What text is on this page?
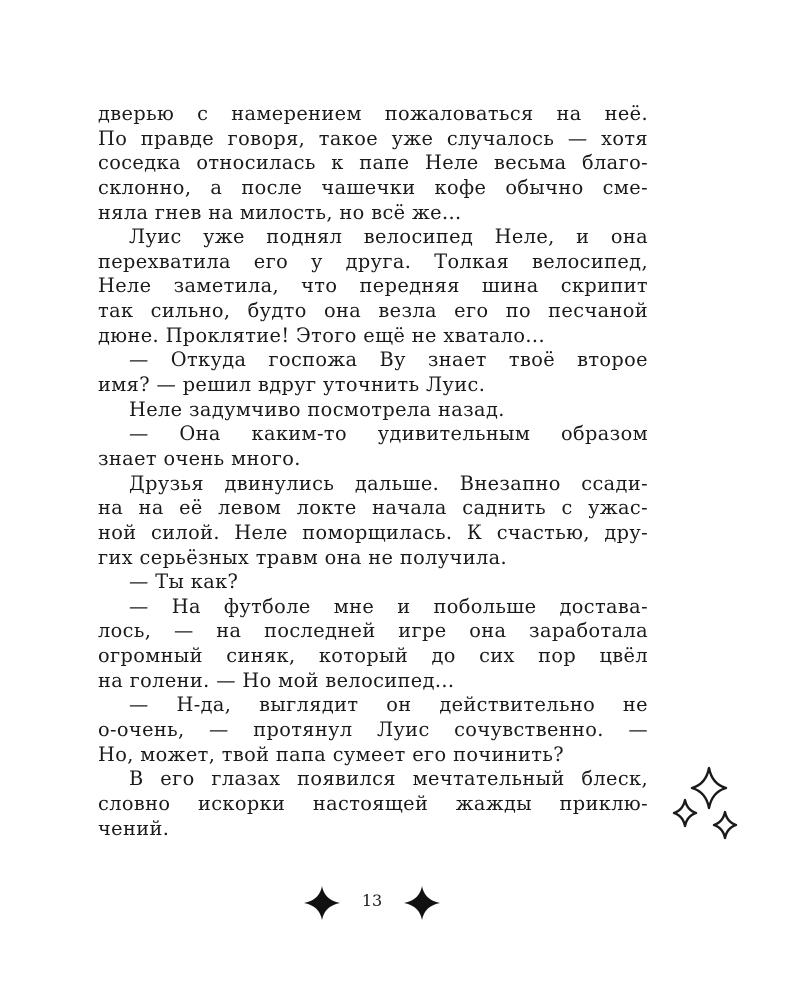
дверью с намерением пожаловаться на неё.
По правде говоря, такое уже случалось — хотя
соседка относилась к папе Неле весьма благо-
склонно, а после чашечки кофе обычно сме-
няла гнев на милость, но всё же...
Луис уже поднял велосипед Неле, и она
перехватила его у друга. Толкая велосипед,
Неле заметила, что передняя шина скрипит
так сильно, будто она везла его по песчаной
дюне. Проклятие! Этого ещё не хватало...
— Откуда госпожа Ву знает твоё второе
имя? — решил вдруг уточнить Луис.
Неле задумчиво посмотрела назад.
— Она каким-то удивительным образом
знает очень много.
Друзья двинулись дальше. Внезапно ссади-
на на её левом локте начала саднить с ужас-
ной силой. Неле поморщилась. К счастью, дру-
гих серьёзных травм она не получила.
— Ты как?
— На футболе мне и побольше достава-
лось, — на последней игре она заработала
огромный синяк, который до сих пор цвёл
на голени. — Но мой велосипед...
— Н-да, выглядит он действительно не
о-очень, — протянул Луис сочувственно. —
Но, может, твой папа сумеет его починить?
В его глазах появился мечтательный блеск,
словно искорки настоящей жажды приклю-
чений.
13
